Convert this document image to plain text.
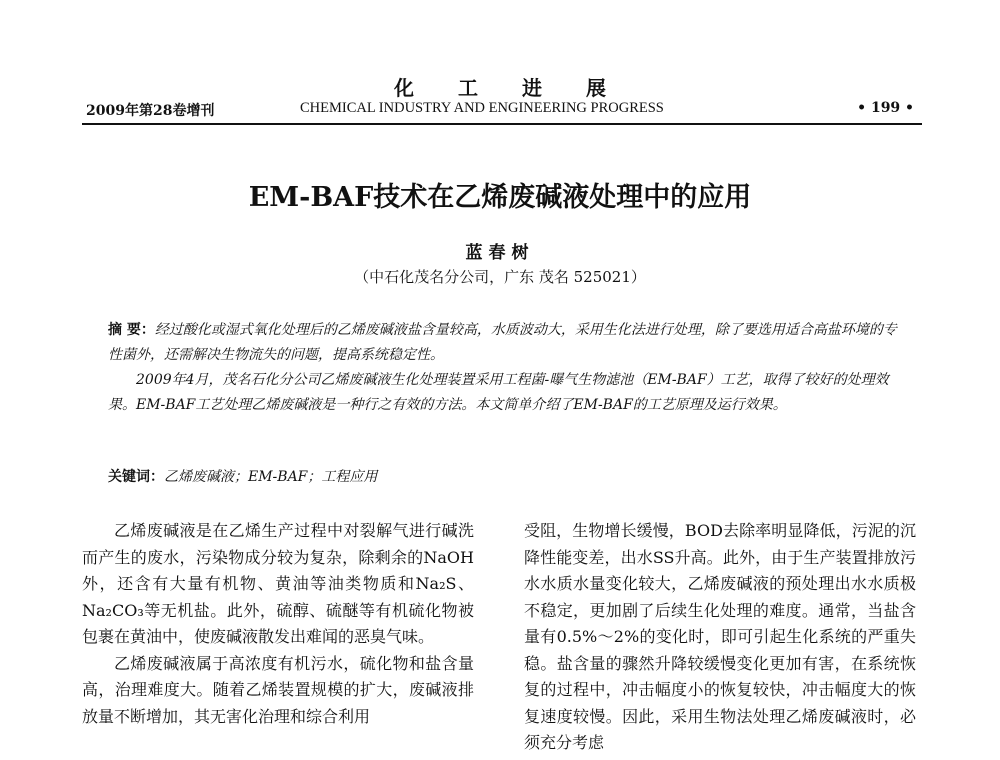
化工进展
2009年第28卷增刊	CHEMICAL INDUSTRY AND ENGINEERING PROGRESS	• 199 •
EM-BAF技术在乙烯废碱液处理中的应用
蓝春树
（中石化茂名分公司，广东 茂名 525021）

摘 要：经过酸化或湿式氧化处理后的乙烯废碱液盐含量较高，水质波动大，采用生化法进行处理，除了要选用适合高盐环境的专性菌外，还需解决生物流失的问题，提高系统稳定性。

2009年4月，茂名石化分公司乙烯废碱液生化处理装置采用工程菌-曝气生物滤池（EM-BAF）工艺，取得了较好的处理效果。EM-BAF工艺处理乙烯废碱液是一种行之有效的方法。本文简单介绍了EM-BAF的工艺原理及运行效果。

关键词：乙烯废碱液；EM-BAF；工程应用

乙烯废碱液是在乙烯生产过程中对裂解气进行碱洗而产生的废水，污染物成分较为复杂，除剩余的NaOH外，还含有大量有机物、黄油等油类物质和Na₂S、Na₂CO₃等无机盐。此外，硫醇、硫醚等有机硫化物被包裹在黄油中，使废碱液散发出难闻的恶臭气味。

乙烯废碱液属于高浓度有机污水，硫化物和盐含量高，治理难度大。随着乙烯装置规模的扩大，废碱液排放量不断增加，其无害化治理和综合利用

受阻，生物增长缓慢，BOD去除率明显降低，污泥的沉降性能变差，出水SS升高。此外，由于生产装置排放污水水质水量变化较大，乙烯废碱液的预处理出水水质极不稳定，更加剧了后续生化处理的难度。通常，当盐含量有0.5%～2%的变化时，即可引起生化系统的严重失稳。盐含量的骤然升降较缓慢变化更加有害，在系统恢复的过程中，冲击幅度小的恢复较快，冲击幅度大的恢复速度较慢。因此，采用生物法处理乙烯废碱液时，必须充分考虑
